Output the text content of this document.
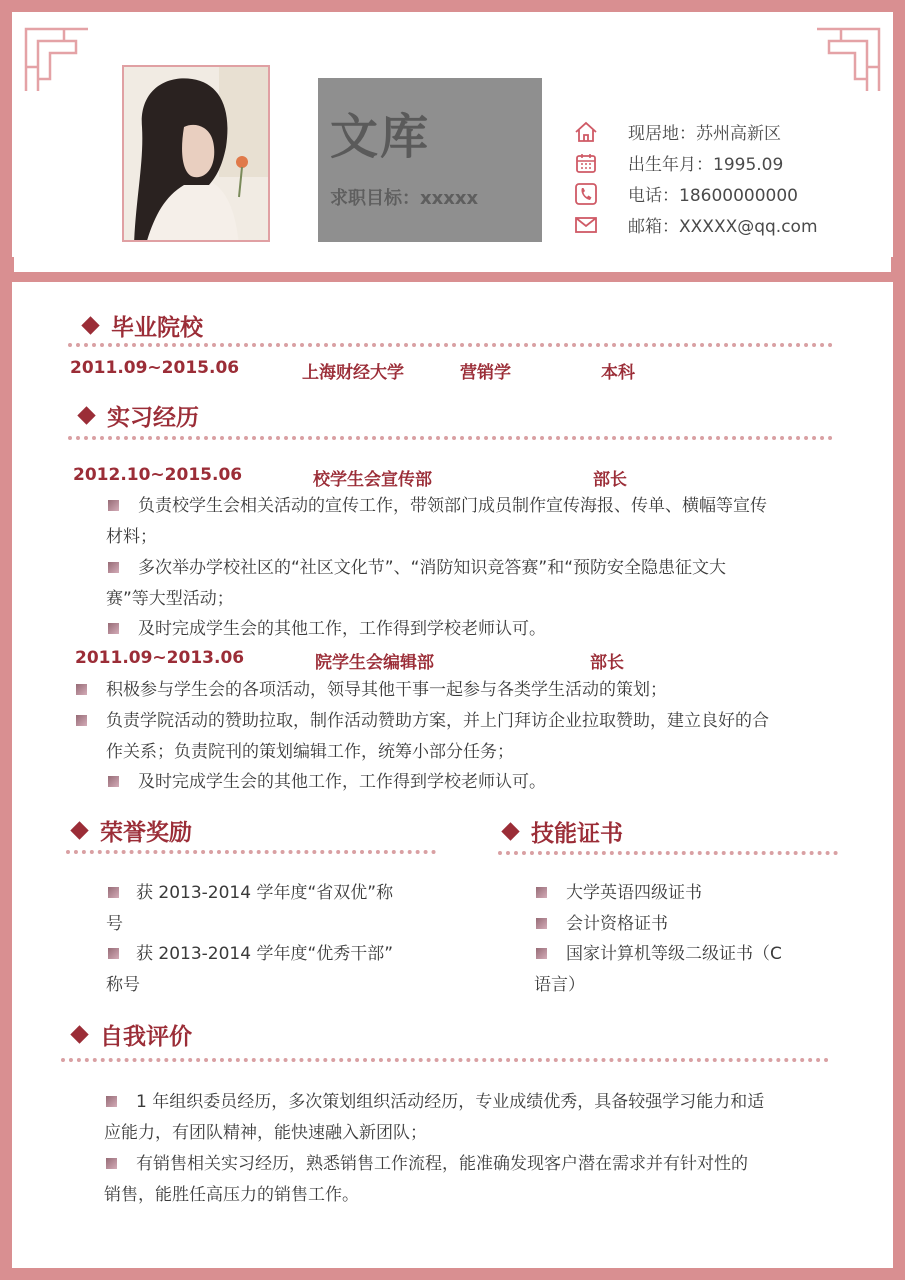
文库
求职目标：xxxxx
现居地：苏州高新区
出生年月：1995.09
电话：18600000000
邮箱：XXXXX@qq.com
毕业院校
2011.09~2015.06	上海财经大学	营销学	本科
实习经历
2012.10~2015.06	校学生会宣传部	部长
负责校学生会相关活动的宣传工作，带领部门成员制作宣传海报、传单、横幅等宣传
材料；
多次举办学校社区的“社区文化节”、“消防知识竞答赛”和“预防安全隐患征文大
赛”等大型活动；
及时完成学生会的其他工作，工作得到学校老师认可。
2011.09~2013.06	院学生会编辑部	部长
积极参与学生会的各项活动，领导其他干事一起参与各类学生活动的策划；
负责学院活动的赞助拉取，制作活动赞助方案，并上门拜访企业拉取赞助，建立良好的合
作关系；负责院刊的策划编辑工作，统筹小部分任务；
及时完成学生会的其他工作，工作得到学校老师认可。
荣誉奖励
获 2013-2014 学年度“省双优”称
号
获 2013-2014 学年度“优秀干部”
称号
技能证书
大学英语四级证书
会计资格证书
国家计算机等级二级证书（C
语言）
自我评价
1 年组织委员经历，多次策划组织活动经历，专业成绩优秀，具备较强学习能力和适
应能力，有团队精神，能快速融入新团队；
有销售相关实习经历，熟悉销售工作流程，能准确发现客户潜在需求并有针对性的
销售，能胜任高压力的销售工作。
